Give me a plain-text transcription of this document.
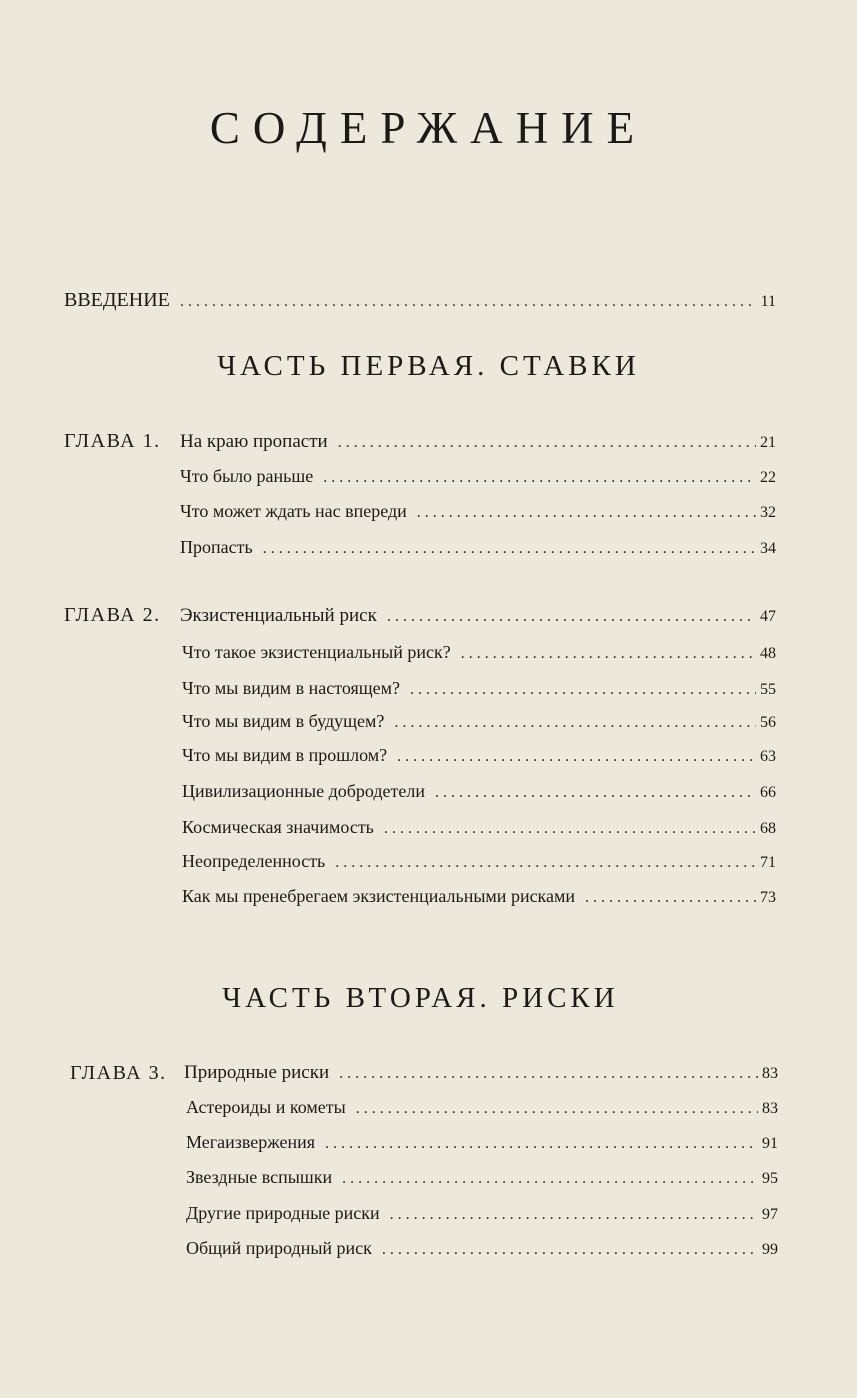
СОДЕРЖАНИЕ
ВВЕДЕНИЕ . . .	11
ЧАСТЬ ПЕРВАЯ. СТАВКИ
ГЛАВА 1. На краю пропасти . . .	21
Что было раньше . . .	22
Что может ждать нас впереди . . .	32
Пропасть . . .	34
ГЛАВА 2. Экзистенциальный риск . . .	47
Что такое экзистенциальный риск? . . .	48
Что мы видим в настоящем? . . .	55
Что мы видим в будущем? . . .	56
Что мы видим в прошлом? . . .	63
Цивилизационные добродетели . . .	66
Космическая значимость . . .	68
Неопределенность . . .	71
Как мы пренебрегаем экзистенциальными рисками . . .	73
ЧАСТЬ ВТОРАЯ. РИСКИ
ГЛАВА 3. Природные риски . . .	83
Астероиды и кометы . . .	83
Мегаизвержения . . .	91
Звездные вспышки . . .	95
Другие природные риски . . .	97
Общий природный риск . . .	99
